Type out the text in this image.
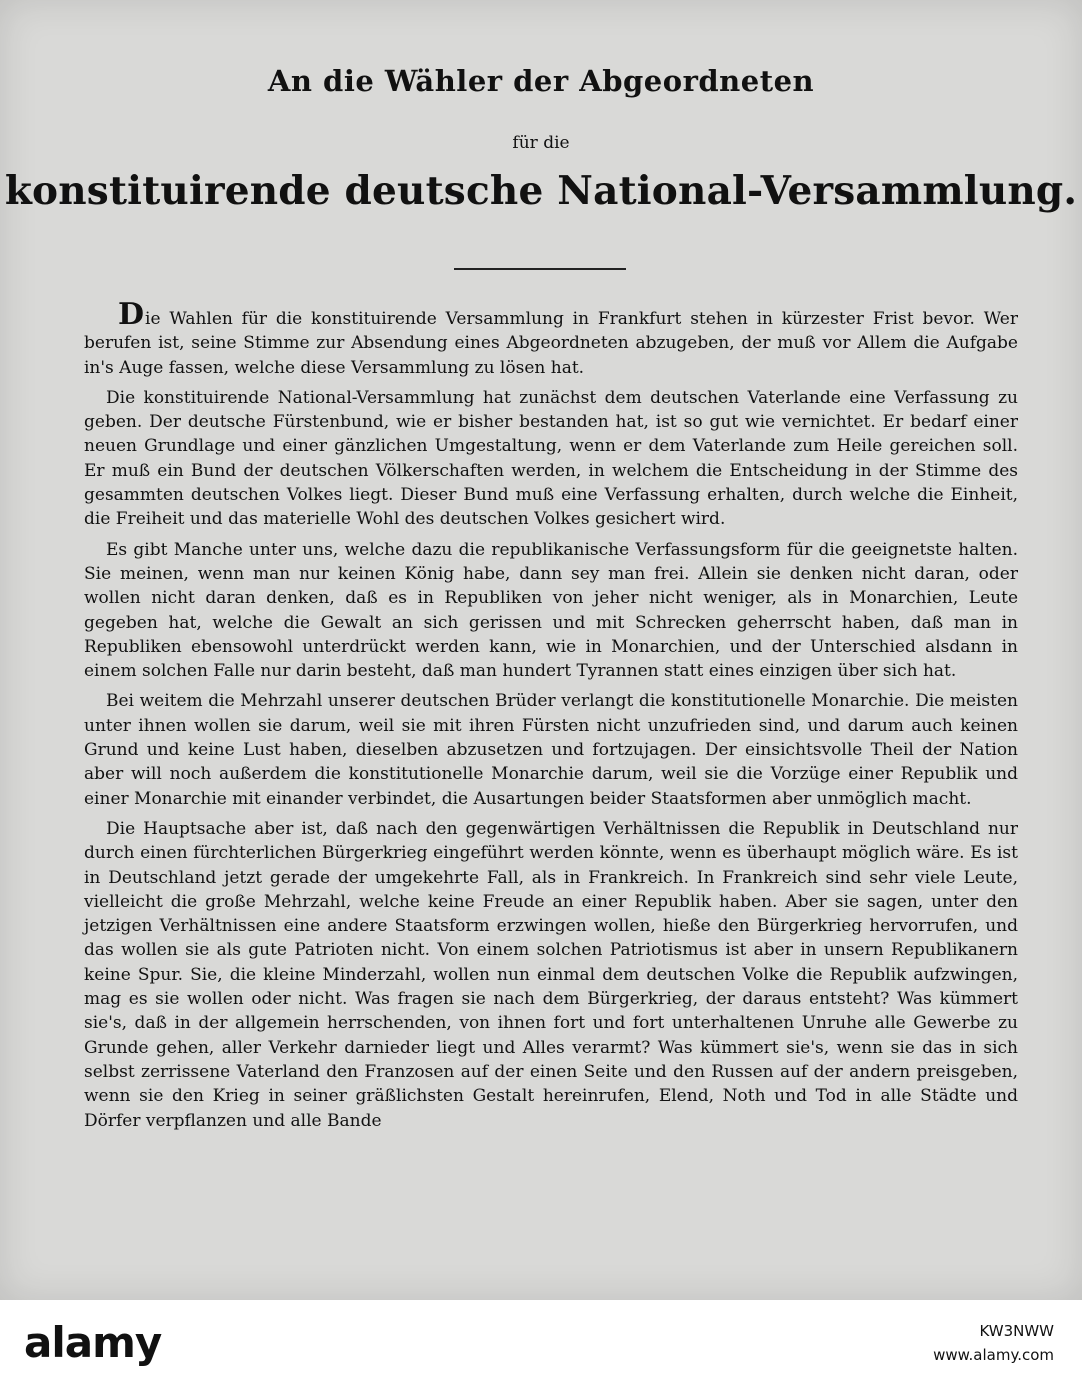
An die Wähler der Abgeordneten
für die
konstituirende deutsche National-Versammlung.

Die Wahlen für die konstituirende Versammlung in Frankfurt stehen in kürzester Frist bevor. Wer berufen ist, seine Stimme zur Absendung eines Abgeordneten abzugeben, der muß vor Allem die Aufgabe in's Auge fassen, welche diese Versammlung zu lösen hat.

Die konstituirende National-Versammlung hat zunächst dem deutschen Vaterlande eine Verfassung zu geben. Der deutsche Fürstenbund, wie er bisher bestanden hat, ist so gut wie vernichtet. Er bedarf einer neuen Grundlage und einer gänzlichen Umgestaltung, wenn er dem Vaterlande zum Heile gereichen soll. Er muß ein Bund der deutschen Völkerschaften werden, in welchem die Entscheidung in der Stimme des gesammten deutschen Volkes liegt. Dieser Bund muß eine Verfassung erhalten, durch welche die Einheit, die Freiheit und das materielle Wohl des deutschen Volkes gesichert wird.

Es gibt Manche unter uns, welche dazu die republikanische Verfassungsform für die geeignetste halten. Sie meinen, wenn man nur keinen König habe, dann sey man frei. Allein sie denken nicht daran, oder wollen nicht daran denken, daß es in Republiken von jeher nicht weniger, als in Monarchien, Leute gegeben hat, welche die Gewalt an sich gerissen und mit Schrecken geherrscht haben, daß man in Republiken ebensowohl unterdrückt werden kann, wie in Monarchien, und der Unterschied alsdann in einem solchen Falle nur darin besteht, daß man hundert Tyrannen statt eines einzigen über sich hat.

Bei weitem die Mehrzahl unserer deutschen Brüder verlangt die konstitutionelle Monarchie. Die meisten unter ihnen wollen sie darum, weil sie mit ihren Fürsten nicht unzufrieden sind, und darum auch keinen Grund und keine Lust haben, dieselben abzusetzen und fortzujagen. Der einsichtsvolle Theil der Nation aber will noch außerdem die konstitutionelle Monarchie darum, weil sie die Vorzüge einer Republik und einer Monarchie mit einander verbindet, die Ausartungen beider Staatsformen aber unmöglich macht.

Die Hauptsache aber ist, daß nach den gegenwärtigen Verhältnissen die Republik in Deutschland nur durch einen fürchterlichen Bürgerkrieg eingeführt werden könnte, wenn es überhaupt möglich wäre. Es ist in Deutschland jetzt gerade der umgekehrte Fall, als in Frankreich. In Frankreich sind sehr viele Leute, vielleicht die große Mehrzahl, welche keine Freude an einer Republik haben. Aber sie sagen, unter den jetzigen Verhältnissen eine andere Staatsform erzwingen wollen, hieße den Bürgerkrieg hervorrufen, und das wollen sie als gute Patrioten nicht. Von einem solchen Patriotismus ist aber in unsern Republikanern keine Spur. Sie, die kleine Minderzahl, wollen nun einmal dem deutschen Volke die Republik aufzwingen, mag es sie wollen oder nicht. Was fragen sie nach dem Bürgerkrieg, der daraus entsteht? Was kümmert sie's, daß in der allgemein herrschenden, von ihnen fort und fort unterhaltenen Unruhe alle Gewerbe zu Grunde gehen, aller Verkehr darnieder liegt und Alles verarmt? Was kümmert sie's, wenn sie das in sich selbst zerrissene Vaterland den Franzosen auf der einen Seite und den Russen auf der andern preisgeben, wenn sie den Krieg in seiner gräßlichsten Gestalt hereinrufen, Elend, Noth und Tod in alle Städte und Dörfer verpflanzen und alle Bande

alamy	KW3NWW
www.alamy.com
